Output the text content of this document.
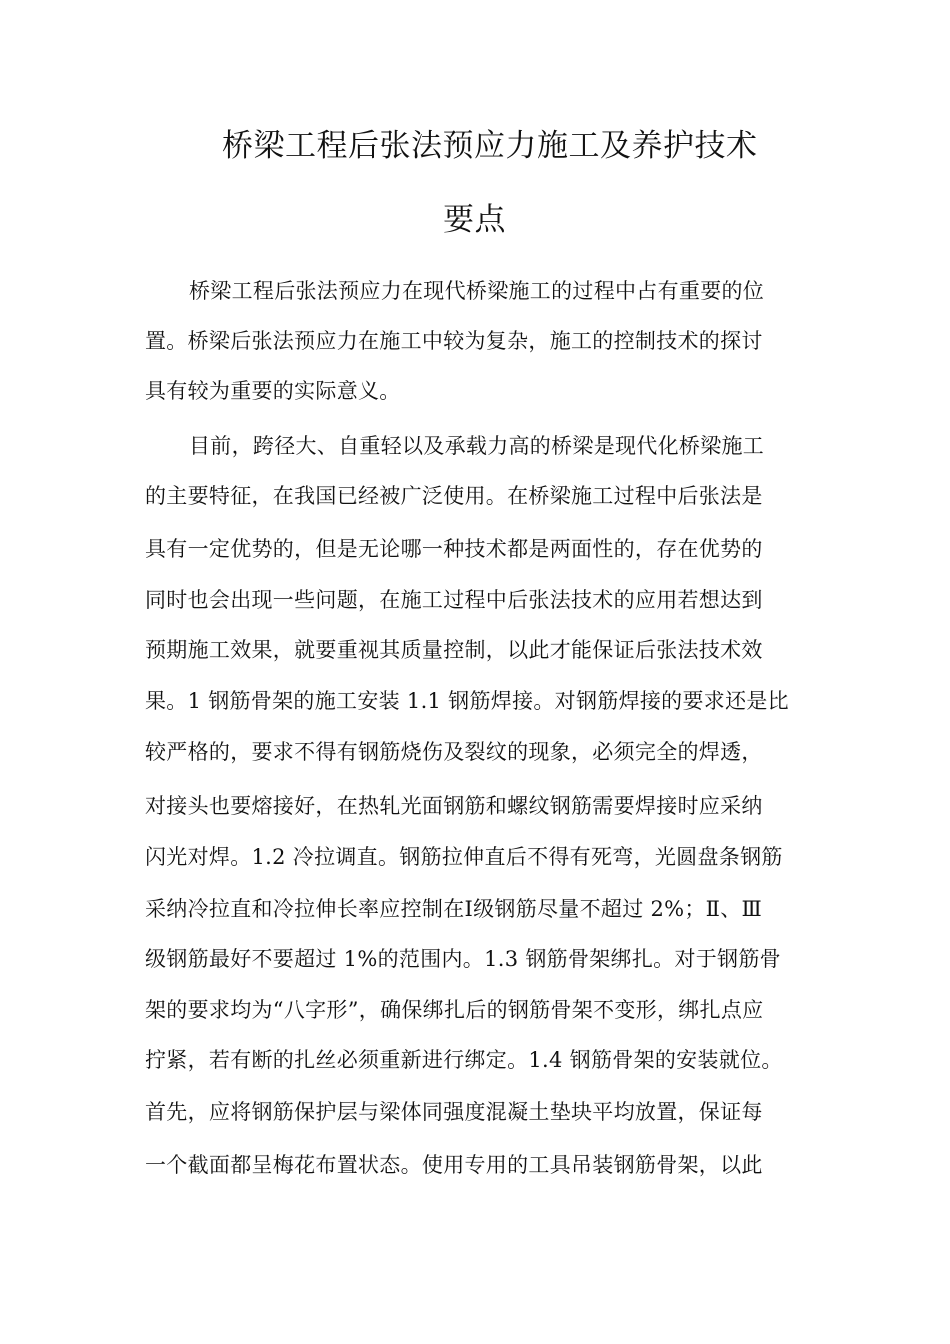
桥梁工程后张法预应力施工及养护技术
要点
桥梁工程后张法预应力在现代桥梁施工的过程中占有重要的位
置。桥梁后张法预应力在施工中较为复杂，施工的控制技术的探讨
具有较为重要的实际意义。
目前，跨径大、自重轻以及承载力高的桥梁是现代化桥梁施工
的主要特征，在我国已经被广泛使用。在桥梁施工过程中后张法是
具有一定优势的，但是无论哪一种技术都是两面性的，存在优势的
同时也会出现一些问题，在施工过程中后张法技术的应用若想达到
预期施工效果，就要重视其质量控制，以此才能保证后张法技术效
果。1 钢筋骨架的施工安装 1.1 钢筋焊接。对钢筋焊接的要求还是比
较严格的，要求不得有钢筋烧伤及裂纹的现象，必须完全的焊透，
对接头也要熔接好，在热轧光面钢筋和螺纹钢筋需要焊接时应采纳
闪光对焊。1.2 冷拉调直。钢筋拉伸直后不得有死弯，光圆盘条钢筋
采纳冷拉直和冷拉伸长率应控制在Ⅰ级钢筋尽量不超过 2%；Ⅱ、Ⅲ
级钢筋最好不要超过 1%的范围内。1.3 钢筋骨架绑扎。对于钢筋骨
架的要求均为“八字形”，确保绑扎后的钢筋骨架不变形，绑扎点应
拧紧，若有断的扎丝必须重新进行绑定。1.4 钢筋骨架的安装就位。
首先，应将钢筋保护层与梁体同强度混凝土垫块平均放置，保证每
一个截面都呈梅花布置状态。使用专用的工具吊装钢筋骨架，以此
